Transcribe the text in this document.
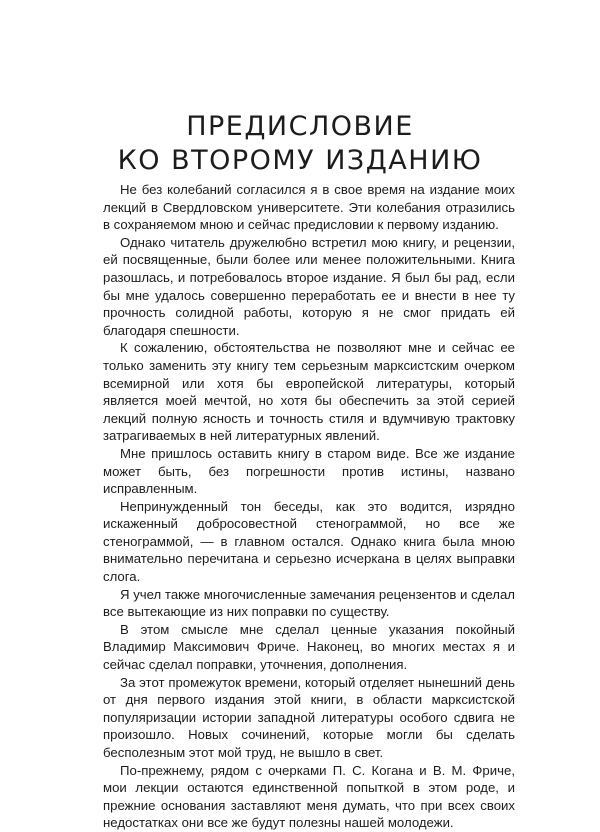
ПРЕДИСЛОВИЕ
КО ВТОРОМУ ИЗДАНИЮ

Не без колебаний согласился я в свое время на издание моих лекций в Свердловском университете. Эти колебания отразились в сохраняемом мною и сейчас предисловии к первому изданию.

Однако читатель дружелюбно встретил мою книгу, и рецензии, ей посвященные, были более или менее положительными. Книга разошлась, и потребовалось второе издание. Я был бы рад, если бы мне удалось совершенно переработать ее и внести в нее ту прочность солидной работы, которую я не смог придать ей благодаря спешности.

К сожалению, обстоятельства не позволяют мне и сейчас ее только заменить эту книгу тем серьезным марксистским очерком всемирной или хотя бы европейской литературы, который является моей мечтой, но хотя бы обеспечить за этой серией лекций полную ясность и точность стиля и вдумчивую трактовку затрагиваемых в ней литературных явлений.

Мне пришлось оставить книгу в старом виде. Все же издание может быть, без погрешности против истины, названо исправленным.

Непринужденный тон беседы, как это водится, изрядно искаженный добросовестной стенограммой, но все же стенограммой, — в главном остался. Однако книга была мною внимательно перечитана и серьезно исчеркана в целях выправки слога.

Я учел также многочисленные замечания рецензентов и сделал все вытекающие из них поправки по существу.

В этом смысле мне сделал ценные указания покойный Владимир Максимович Фриче. Наконец, во многих местах я и сейчас сделал поправки, уточнения, дополнения.

За этот промежуток времени, который отделяет нынешний день от дня первого издания этой книги, в области марксистской популяризации истории западной литературы особого сдвига не произошло. Новых сочинений, которые могли бы сделать бесполезным этот мой труд, не вышло в свет.

По-прежнему, рядом с очерками П. С. Когана и В. М. Фриче, мои лекции остаются единственной попыткой в этом роде, и прежние основания заставляют меня думать, что при всех своих недостатках они все же будут полезны нашей молодежи.
